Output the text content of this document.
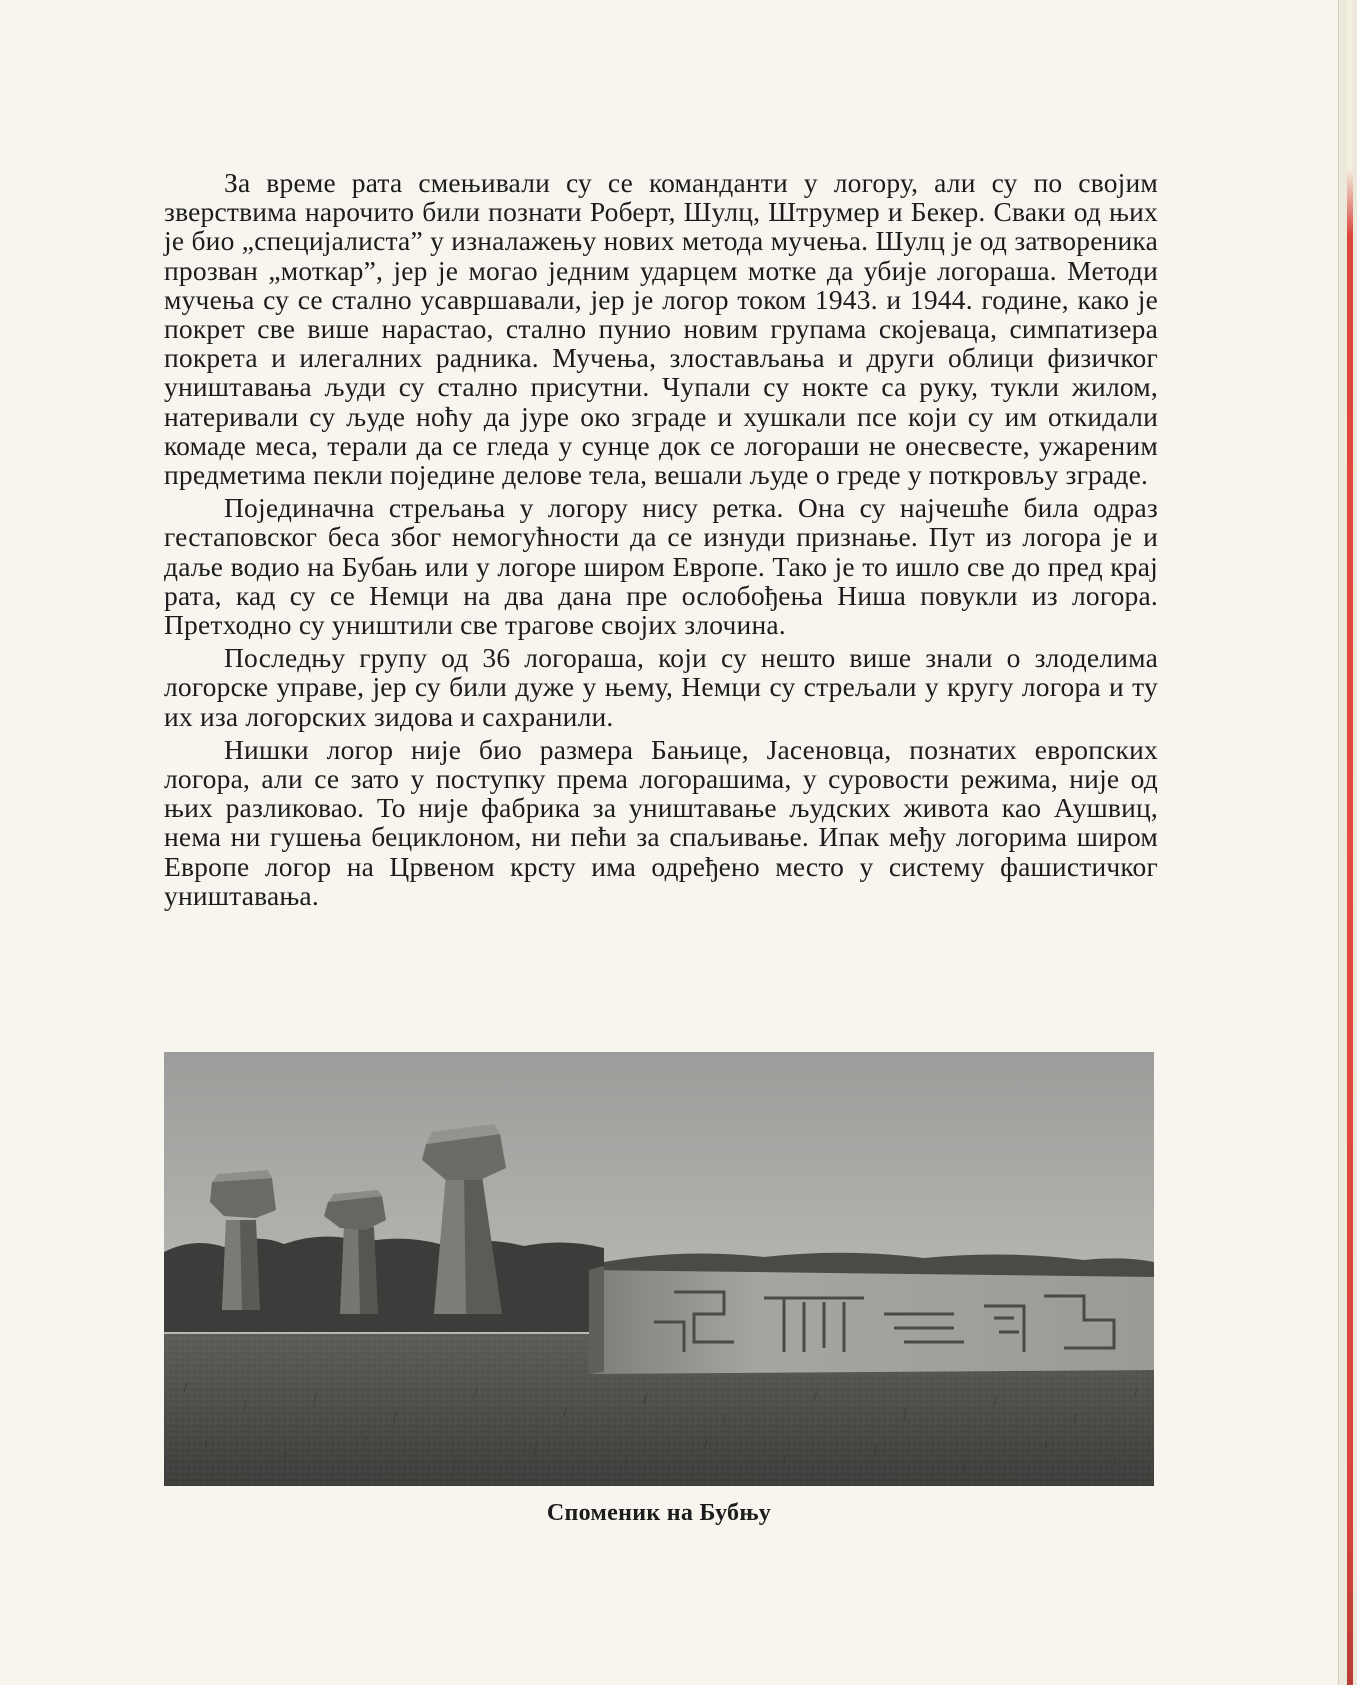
За време рата смењивали су се команданти у логору, али су по својим зверствима нарочито били познати Роберт, Шулц, Штрумер и Бекер. Сваки од њих је био „специјалиста” у изналажењу нових метода мучења. Шулц је од затвореника прозван „моткар”, јер је могао једним ударцем мотке да убије логораша. Методи мучења су се стално усавршавали, јер је логор током 1943. и 1944. године, како је покрет све више нарастао, стално пунио новим групама скојеваца, симпатизера покрета и илегалних радника. Мучења, злостављања и други облици физичког уништавања људи су стално присутни. Чупали су нокте са руку, тукли жилом, натеривали су људе ноћу да јуре око зграде и хушкали псе који су им откидали комаде меса, терали да се гледа у сунце док се логораши не онесвесте, ужареним предметима пекли поједине делове тела, вешали људе о греде у поткровљу зграде.

Појединачна стрељања у логору нису ретка. Она су најчешће била одраз гестаповског беса због немогућности да се изнуди признање. Пут из логора је и даље водио на Бубањ или у логоре широм Европе. Тако је то ишло све до пред крај рата, кад су се Немци на два дана пре ослобођења Ниша повукли из логора. Претходно су уништили све трагове својих злочина.

Последњу групу од 36 логораша, који су нешто више знали о злоделима логорске управе, јер су били дуже у њему, Немци су стрељали у кругу логора и ту их иза логорских зидова и сахранили.

Нишки логор није био размера Бањице, Јасеновца, познатих европских логора, али се зато у поступку према логорашима, у суровости режима, није од њих разликовао. То није фабрика за уништавање људских живота као Аушвиц, нема ни гушења бециклоном, ни пећи за спаљивање. Ипак међу логорима широм Европе логор на Црвеном крсту има одређено место у систему фашистичког уништавања.

Споменик на Бубњу
